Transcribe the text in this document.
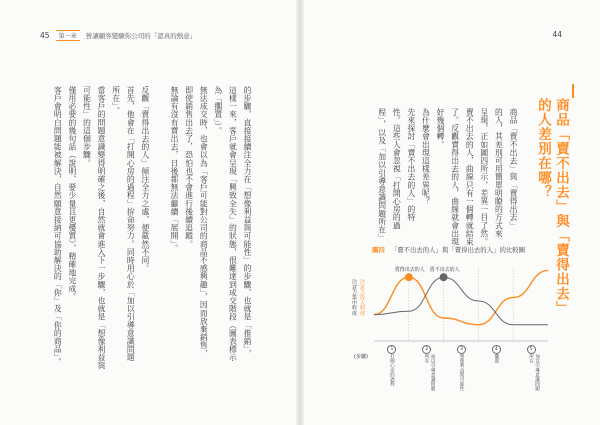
45 第一章 營讓顧客變願你公司的「認真的熱意」

的步驟，直接接續注全力在「想像利益與可能性」的步驟，也就是「推銷」，

這樣一來，客戶就會呈現「興致全失」的狀態，很難達到成交階段（圖表標示

為「擱置」）。

無法成交時，也會以為「客戶可能對公司的商品不感興趣」，因而放棄銷售，

即使銷售出去了，恐怕也不會進行後續追蹤。

無論有沒有賣出去，日後都無法繼續「展開」。

反觀「賣得出去的人」傾注全力之處，便截然不同。

首先，他會在「打開心房的過程」拚命努力。同時用心於「加以引導意識問題

所在」。

當客戶的問題意識變得明確之後，自然就會進入下一步驟，也就是「想像利益與可能性」的這個步驟。

僅用必要的幾句話（說明、要少量且更優質），精確地完成。

客戶會明白問題能被解決，自然願意接納可協助解決的「你」及「你的商品」。

44
商品「賣不出去」與「賣得出去」
的人差別在哪？

商品「賣不出去」與「賣得出去」

的人，其差別可用簡單明瞭的方式來

呈現，正如圖四所示，差異一目了然。

賣不出去的人，曲線只有一個轉就結束

了。反觀賣得出去的人，曲線就會出現

好幾個轉。

為什麼會出現這樣差異呢？

先來探討「賣不出去的人」的特

性。這些人會忽視「打開心房的過

程」，以及「加以引導意識問題所在」

圖四 「賣不出去的人」與「賣得出去的人」的比較圖
賣得出去的人 賣不出去的人
注意力投入程度
注意力集中程度
(步驟)
1
打開心房的過程
2
加以引導意識問題所在
3
想像利益與可能性
4
擱置
5
加以引導意識問題所在
